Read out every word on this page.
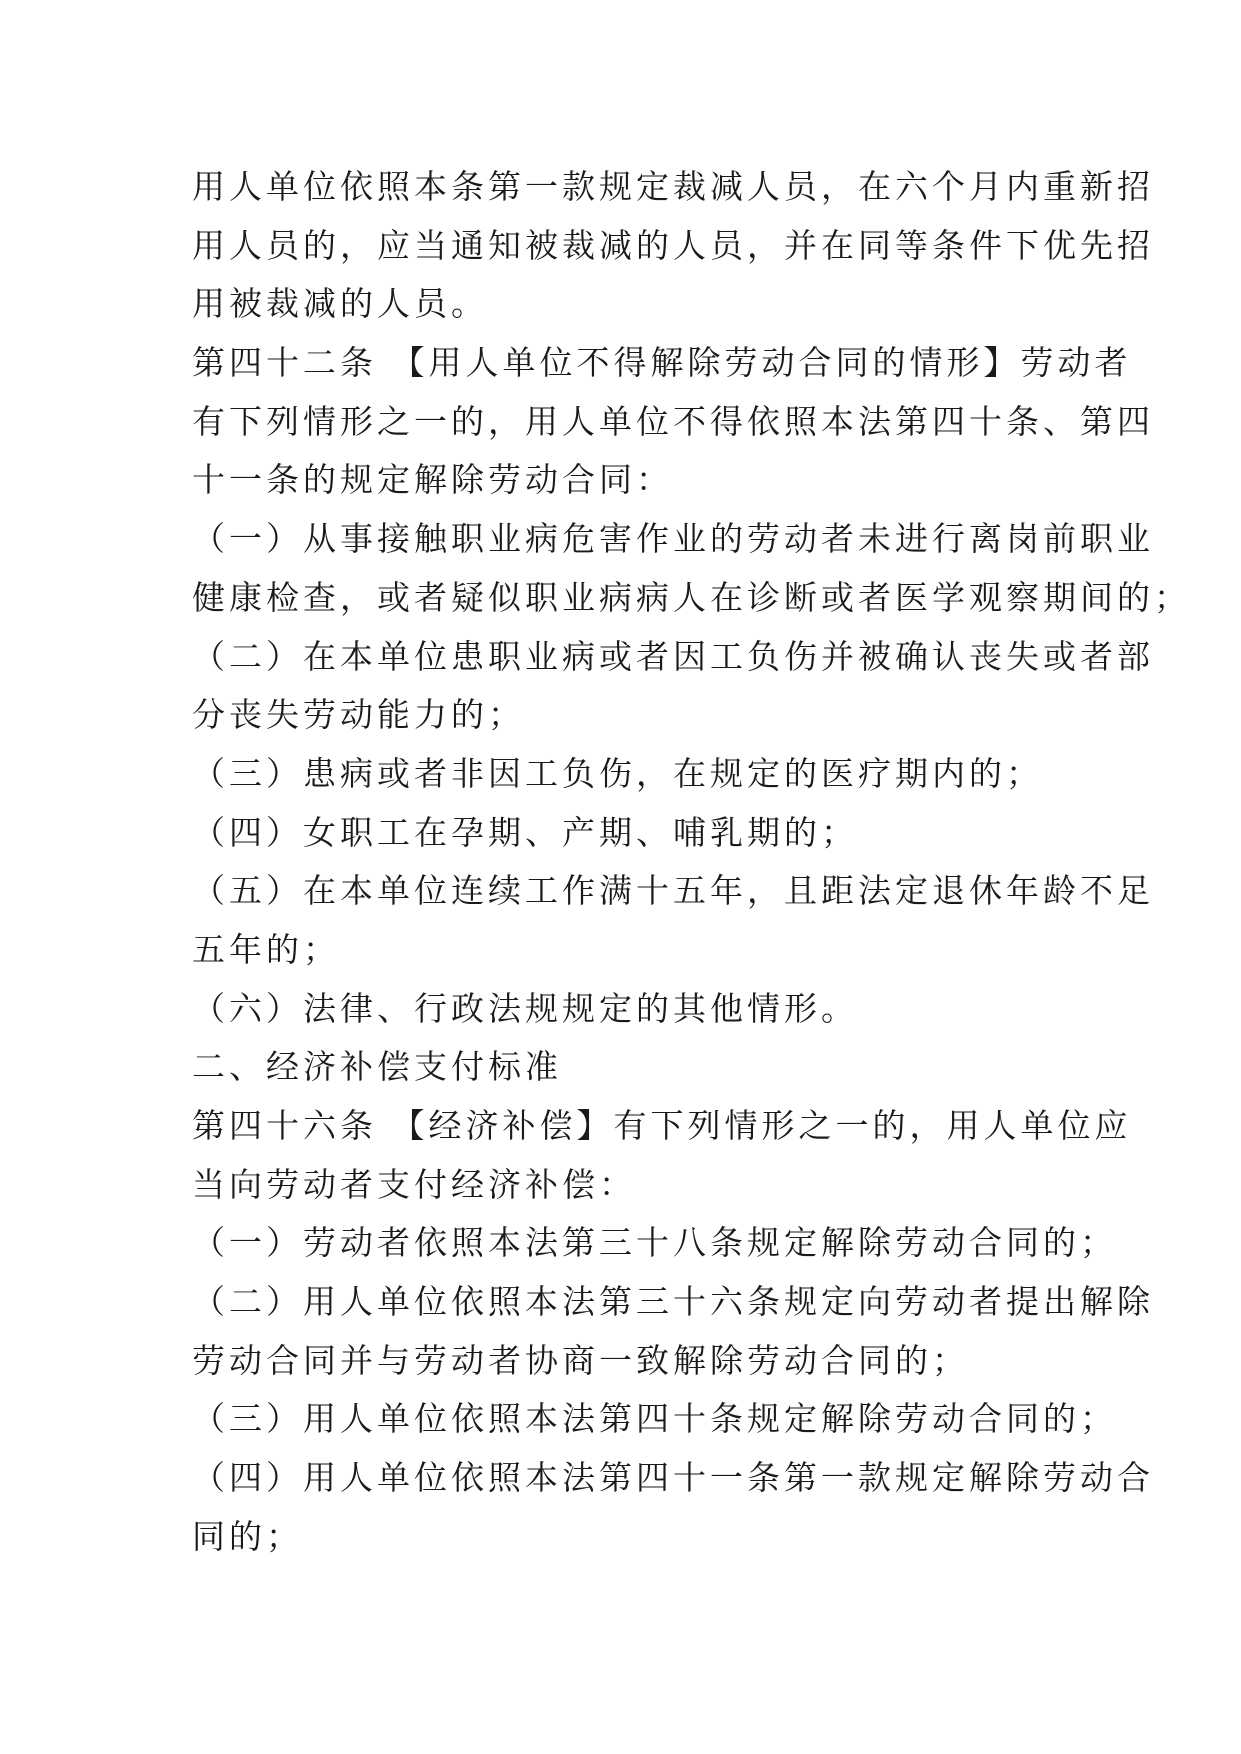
用人单位依照本条第一款规定裁减人员，在六个月内重新招
用人员的，应当通知被裁减的人员，并在同等条件下优先招
用被裁减的人员。
第四十二条 【用人单位不得解除劳动合同的情形】劳动者
有下列情形之一的，用人单位不得依照本法第四十条、第四
十一条的规定解除劳动合同：
（一）从事接触职业病危害作业的劳动者未进行离岗前职业
健康检查，或者疑似职业病病人在诊断或者医学观察期间的；
（二）在本单位患职业病或者因工负伤并被确认丧失或者部
分丧失劳动能力的；
（三）患病或者非因工负伤，在规定的医疗期内的；
（四）女职工在孕期、产期、哺乳期的；
（五）在本单位连续工作满十五年，且距法定退休年龄不足
五年的；
（六）法律、行政法规规定的其他情形。
二、经济补偿支付标准
第四十六条 【经济补偿】有下列情形之一的，用人单位应
当向劳动者支付经济补偿：
（一）劳动者依照本法第三十八条规定解除劳动合同的；
（二）用人单位依照本法第三十六条规定向劳动者提出解除
劳动合同并与劳动者协商一致解除劳动合同的；
（三）用人单位依照本法第四十条规定解除劳动合同的；
（四）用人单位依照本法第四十一条第一款规定解除劳动合
同的；
